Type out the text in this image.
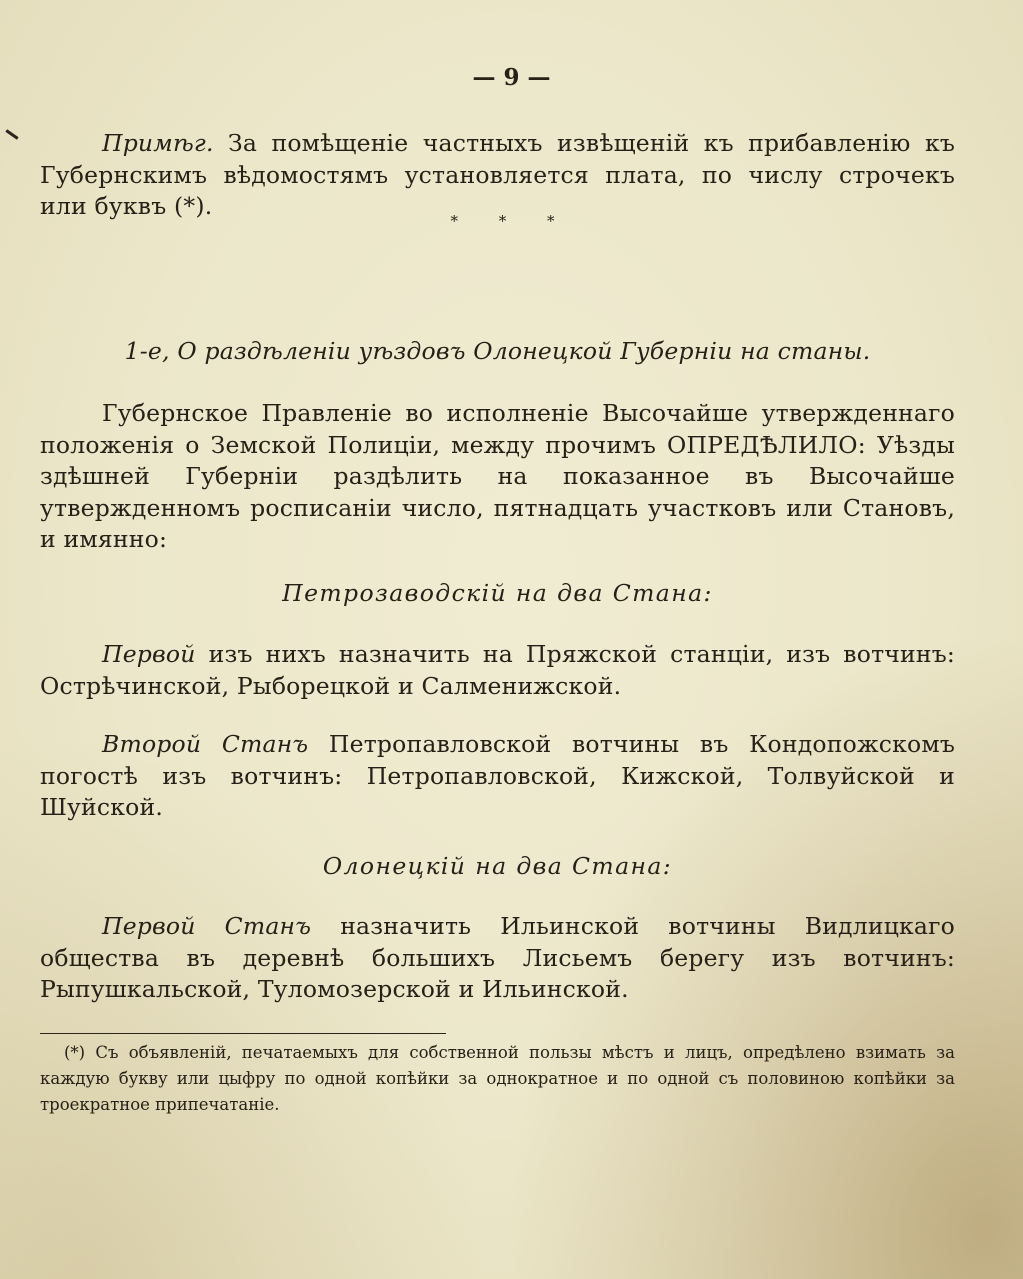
— 9 —

Примѣг. За помѣщеніе частныхъ извѣщеній къ прибавленію къ Губернскимъ вѣдомостямъ установляется плата, по числу строчекъ или буквъ (*).

* * *

1-е, О раздѣленіи уѣздовъ Олонецкой Губерніи на станы.

Губернское Правленіе во исполненіе Высочайше утвержденнаго положенія о Земской Полиціи, между прочимъ ОПРЕДѢЛИЛО: Уѣзды здѣшней Губерніи раздѣлить на показанное въ Высочайше утвержденномъ росписаніи число, пятнадцать участковъ или Становъ, и имянно:

Петрозаводскій на два Стана:

Первой изъ нихъ назначить на Пряжской станціи, изъ вотчинъ: Острѣчинской, Рыборецкой и Салменижской.

Второй Станъ Петропавловской вотчины въ Кондопожскомъ погостѣ изъ вотчинъ: Петропавловской, Кижской, Толвуйской и Шуйской.

Олонецкій на два Стана:

Первой Станъ назначить Ильинской вотчины Видлицкаго общества въ деревнѣ большихъ Лисьемъ берегу изъ вотчинъ: Рыпушкальской, Туломозерской и Ильинской.

(*) Съ объявленій, печатаемыхъ для собственной пользы мѣстъ и лицъ, опредѣлено взимать за каждую букву или цыфру по одной копѣйки за однократное и по одной съ половиною копѣйки за троекратное припечатаніе.
